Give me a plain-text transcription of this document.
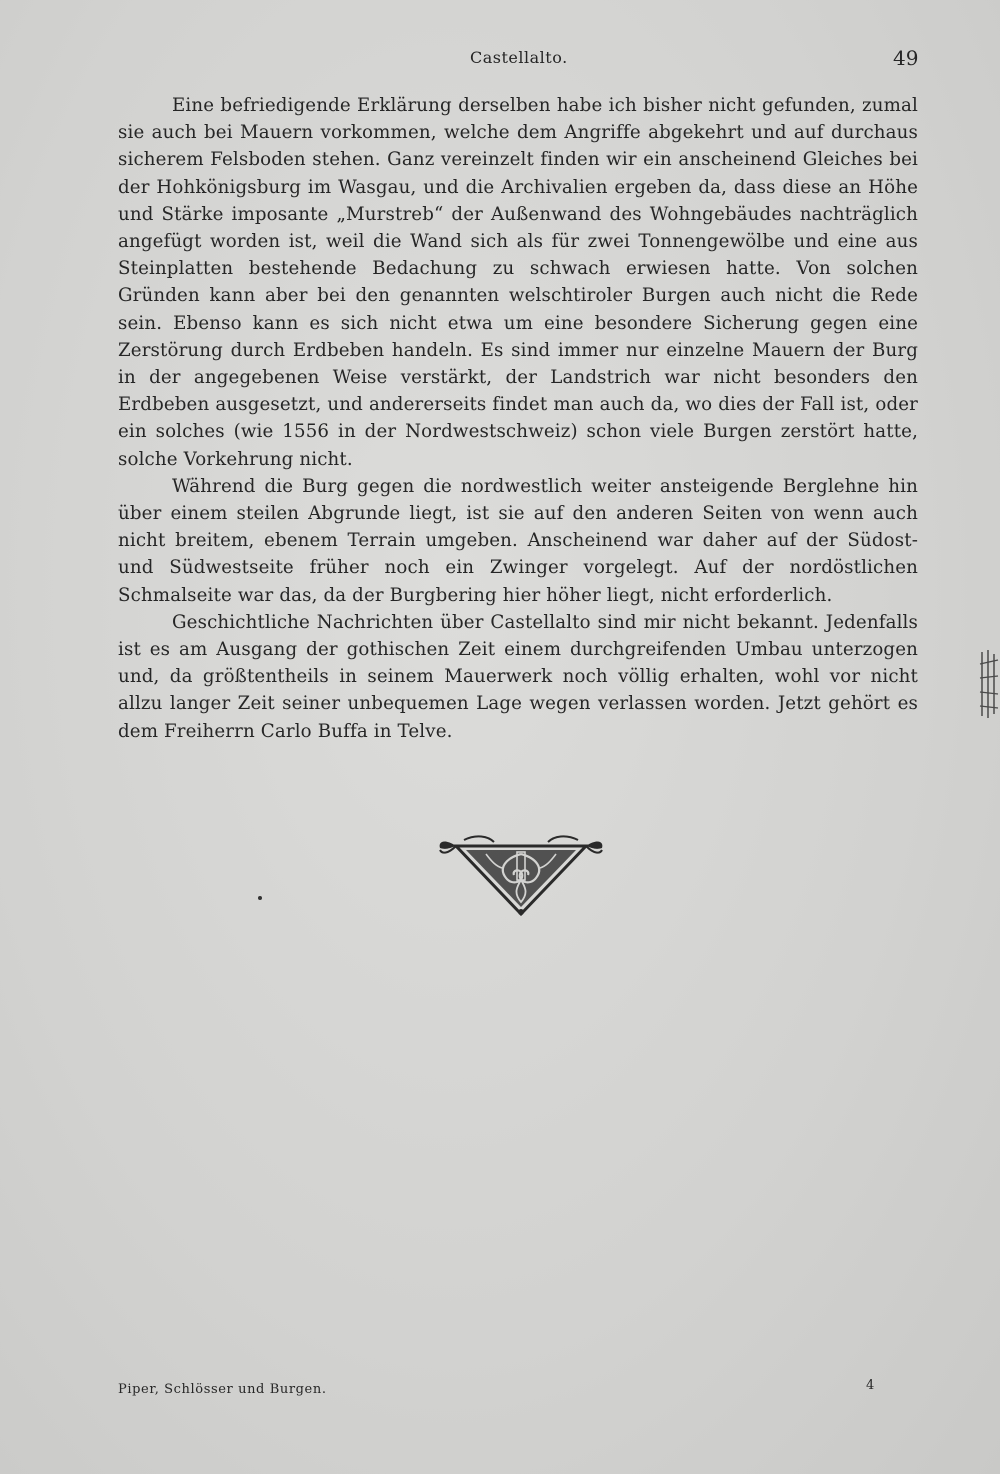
Castellalto.	49

Eine befriedigende Erklärung derselben habe ich bisher nicht gefunden, zumal sie auch bei Mauern vorkommen, welche dem Angriffe abgekehrt und auf durchaus sicherem Felsboden stehen. Ganz vereinzelt finden wir ein anscheinend Gleiches bei der Hohkönigsburg im Wasgau, und die Archivalien ergeben da, dass diese an Höhe und Stärke imposante „Murstreb“ der Außenwand des Wohngebäudes nachträglich angefügt worden ist, weil die Wand sich als für zwei Tonnengewölbe und eine aus Steinplatten bestehende Bedachung zu schwach erwiesen hatte. Von solchen Gründen kann aber bei den genannten welschtiroler Burgen auch nicht die Rede sein. Ebenso kann es sich nicht etwa um eine besondere Sicherung gegen eine Zerstörung durch Erdbeben handeln. Es sind immer nur einzelne Mauern der Burg in der angegebenen Weise verstärkt, der Landstrich war nicht besonders den Erdbeben ausgesetzt, und andererseits findet man auch da, wo dies der Fall ist, oder ein solches (wie 1556 in der Nordwestschweiz) schon viele Burgen zerstört hatte, solche Vorkehrung nicht.

Während die Burg gegen die nordwestlich weiter ansteigende Berglehne hin über einem steilen Abgrunde liegt, ist sie auf den anderen Seiten von wenn auch nicht breitem, ebenem Terrain umgeben. Anscheinend war daher auf der Südost- und Südwestseite früher noch ein Zwinger vorgelegt. Auf der nordöstlichen Schmalseite war das, da der Burgbering hier höher liegt, nicht erforderlich.

Geschichtliche Nachrichten über Castellalto sind mir nicht bekannt. Jedenfalls ist es am Ausgang der gothischen Zeit einem durchgreifenden Umbau unterzogen und, da größtentheils in seinem Mauerwerk noch völlig erhalten, wohl vor nicht allzu langer Zeit seiner unbequemen Lage wegen verlassen worden. Jetzt gehört es dem Freiherrn Carlo Buffa in Telve.

Piper, Schlösser und Burgen.	4
